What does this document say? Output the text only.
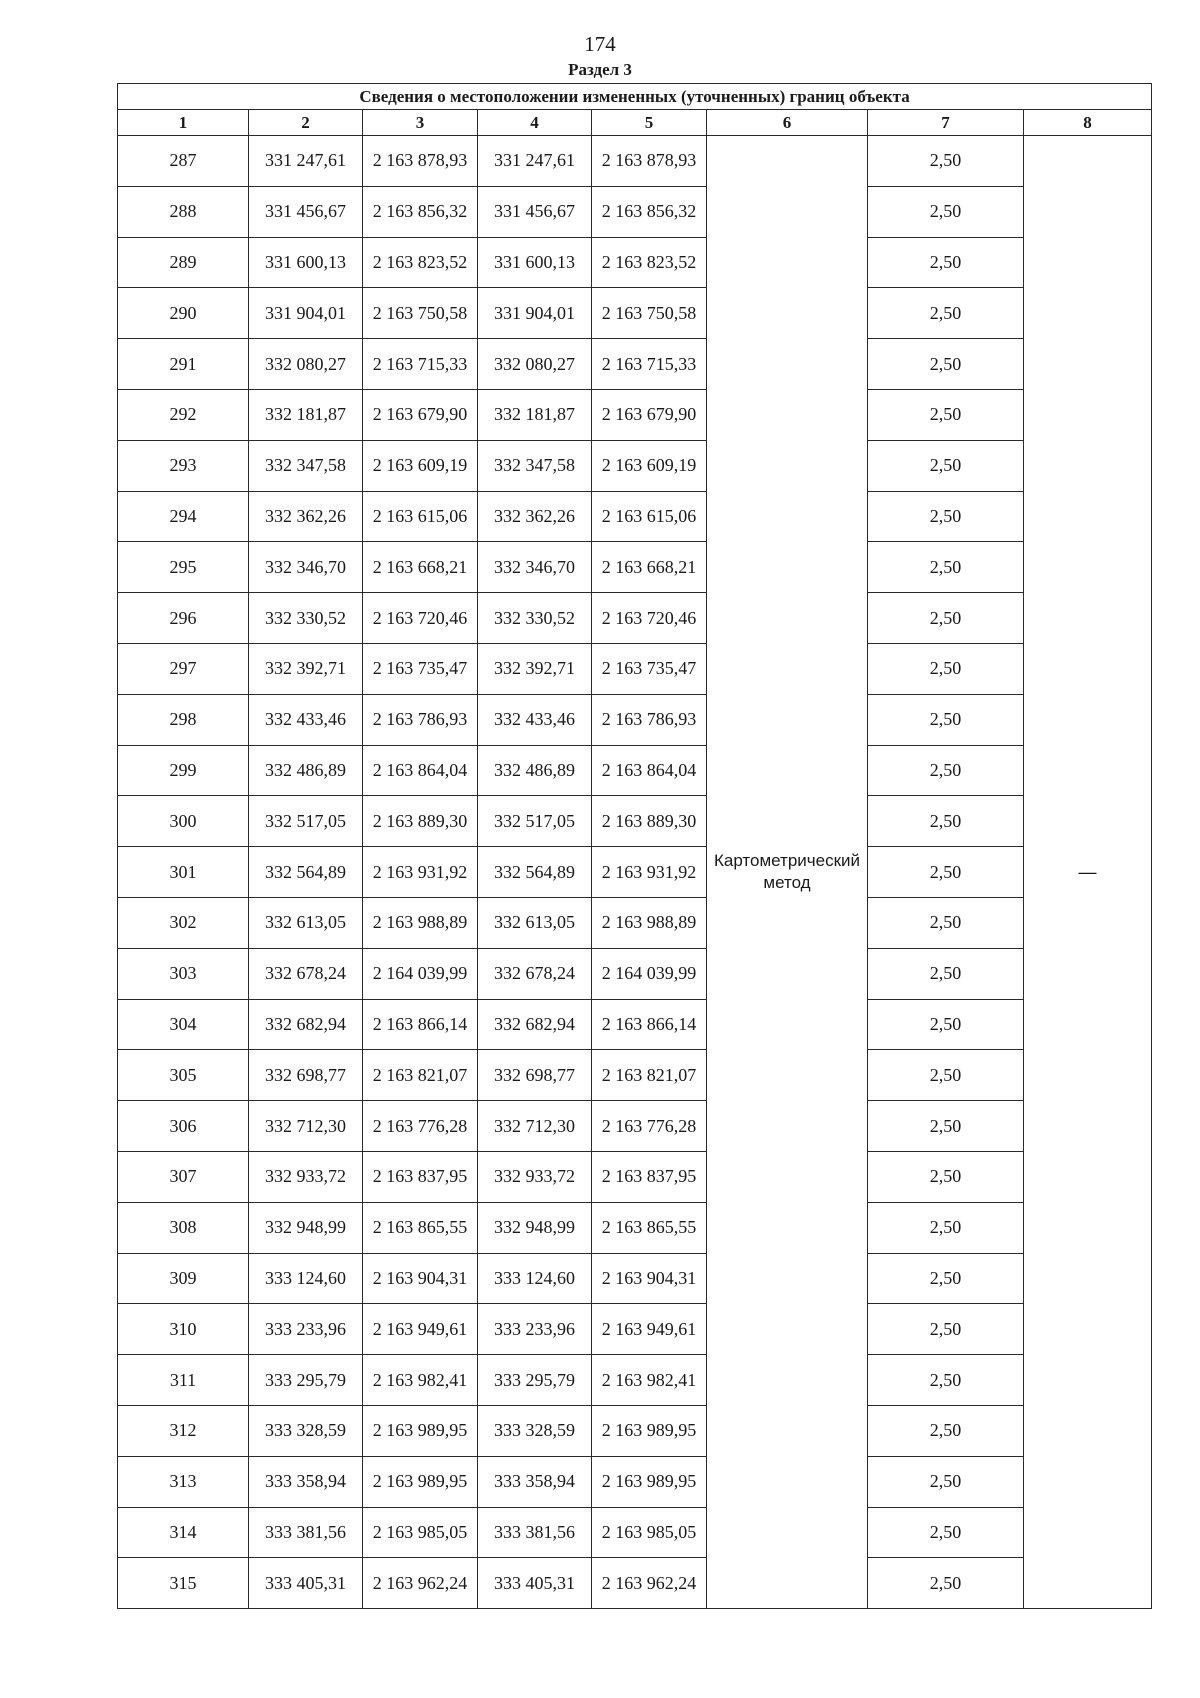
174
Раздел 3
Сведения о местоположении измененных (уточненных) границ объекта							
1	2	3	4	5	6	7	8
287	331 247,61	2 163 878,93	331 247,61	2 163 878,93	Картометрический метод	2,50	—
288	331 456,67	2 163 856,32	331 456,67	2 163 856,32		2,50	
289	331 600,13	2 163 823,52	331 600,13	2 163 823,52		2,50	
290	331 904,01	2 163 750,58	331 904,01	2 163 750,58		2,50	
291	332 080,27	2 163 715,33	332 080,27	2 163 715,33		2,50	
292	332 181,87	2 163 679,90	332 181,87	2 163 679,90		2,50	
293	332 347,58	2 163 609,19	332 347,58	2 163 609,19		2,50	
294	332 362,26	2 163 615,06	332 362,26	2 163 615,06		2,50	
295	332 346,70	2 163 668,21	332 346,70	2 163 668,21		2,50	
296	332 330,52	2 163 720,46	332 330,52	2 163 720,46		2,50	
297	332 392,71	2 163 735,47	332 392,71	2 163 735,47		2,50	
298	332 433,46	2 163 786,93	332 433,46	2 163 786,93		2,50	
299	332 486,89	2 163 864,04	332 486,89	2 163 864,04		2,50	
300	332 517,05	2 163 889,30	332 517,05	2 163 889,30		2,50	
301	332 564,89	2 163 931,92	332 564,89	2 163 931,92		2,50	
302	332 613,05	2 163 988,89	332 613,05	2 163 988,89		2,50	
303	332 678,24	2 164 039,99	332 678,24	2 164 039,99		2,50	
304	332 682,94	2 163 866,14	332 682,94	2 163 866,14		2,50	
305	332 698,77	2 163 821,07	332 698,77	2 163 821,07		2,50	
306	332 712,30	2 163 776,28	332 712,30	2 163 776,28		2,50	
307	332 933,72	2 163 837,95	332 933,72	2 163 837,95		2,50	
308	332 948,99	2 163 865,55	332 948,99	2 163 865,55		2,50	
309	333 124,60	2 163 904,31	333 124,60	2 163 904,31		2,50	
310	333 233,96	2 163 949,61	333 233,96	2 163 949,61		2,50	
311	333 295,79	2 163 982,41	333 295,79	2 163 982,41		2,50	
312	333 328,59	2 163 989,95	333 328,59	2 163 989,95		2,50	
313	333 358,94	2 163 989,95	333 358,94	2 163 989,95		2,50	
314	333 381,56	2 163 985,05	333 381,56	2 163 985,05		2,50	
315	333 405,31	2 163 962,24	333 405,31	2 163 962,24		2,50	
